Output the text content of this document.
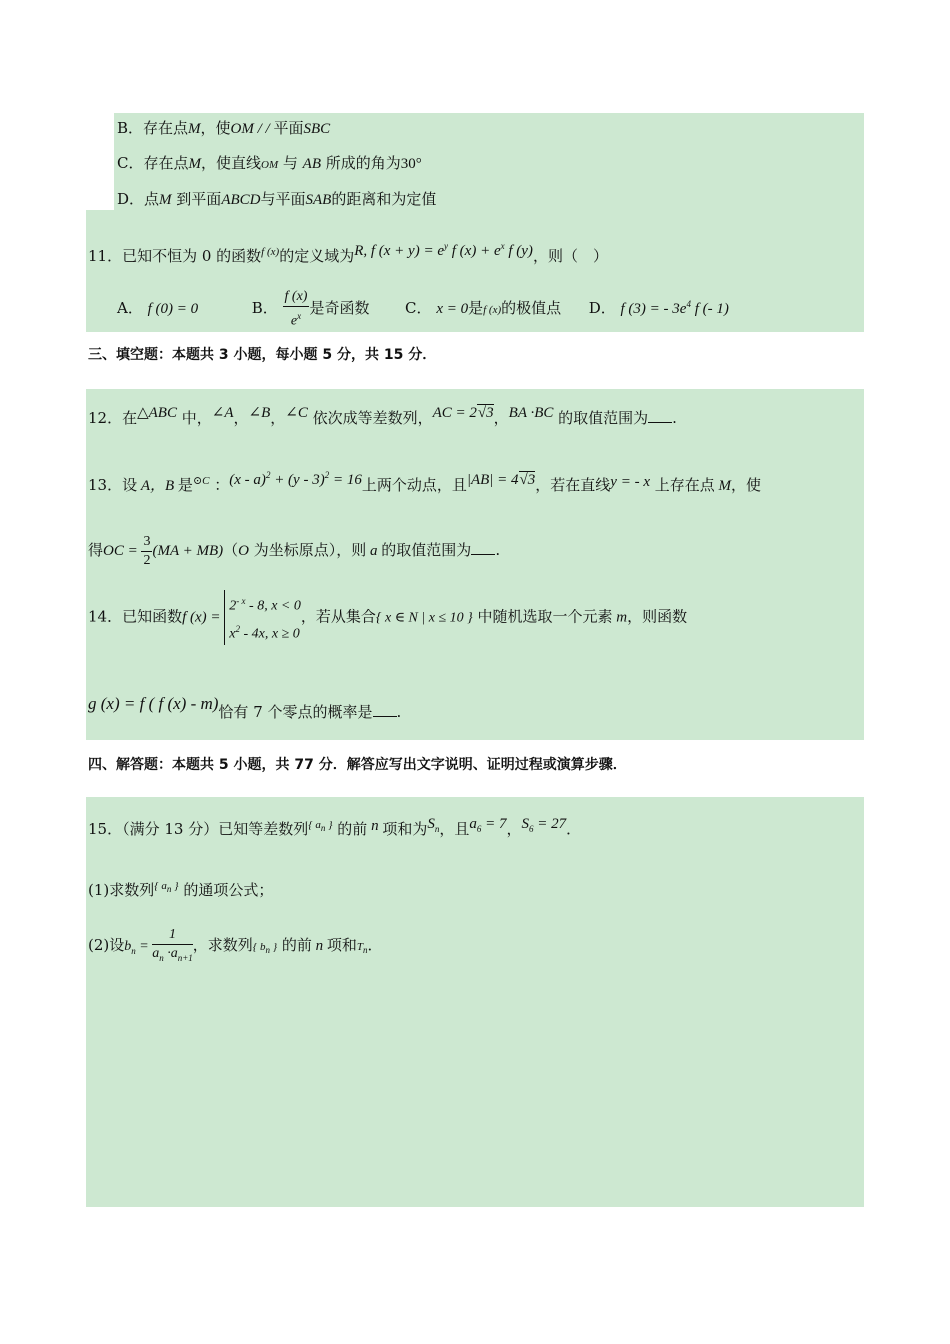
B．存在点M，使OM / / 平面SBC
C．存在点M，使直线OM 与 AB 所成的角为30°
D．点M 到平面ABCD与平面SAB的距离和为定值
11．已知不恒为 0 的函数$^{f (x)}$的定义域为R, f $(x + y) = e^y$ f $(x) + e^x$ f (y)，则（　）
A． f (0) = 0	B． $\frac{f (x)}{e^x}$ 是奇函数 C． x = 0是f (x)的极值点 D． f (3) = - $3e^4$ f (- 1)
三、填空题：本题共 3 小题，每小题 5 分，共 15 分．
12．在△ABC 中，∠A，∠B，∠C 依次成等差数列，AC = 2√3，BA ·BC 的取值范围为 .
13．设 A，B 是$^{⊙C}$ ：(x - a)$^2$ + (y - 3)$^2$ = 16上两个动点，且|AB| = 4√3，若在直线y = - x 上存在点 M，使
得OC = $\frac{3}{2} (MA + MB)(O$ 为坐标原点），则 a 的取值范围为 .
14．已知函数f (x) =
$2^{- x} - 8$, x < 0
$x^2 - 4x$, x ≥ 0
，若从集合{ x ∈ N | x ≤ 10 } 中随机选取一个元素 m，则函数
g (x) = f ( f (x) - m)恰有 7 个零点的概率是 .
四、解答题：本题共 5 小题，共 77 分．解答应写出文字说明、证明过程或演算步骤．
15．（满分 13 分）已知等差数列$^{\{ a_n \}}$ 的前 n 项和为$S_n$，且$a_6 = 7$，$S_6 = 27$．
(1)求数列$^{\{ a_n \}}$ 的通项公式；
(2)设$b_n = \frac{1}{a_n \cdot a_{n+1}}$ ，求数列{ $b_n$ } 的前 n 项和$T_n$．
